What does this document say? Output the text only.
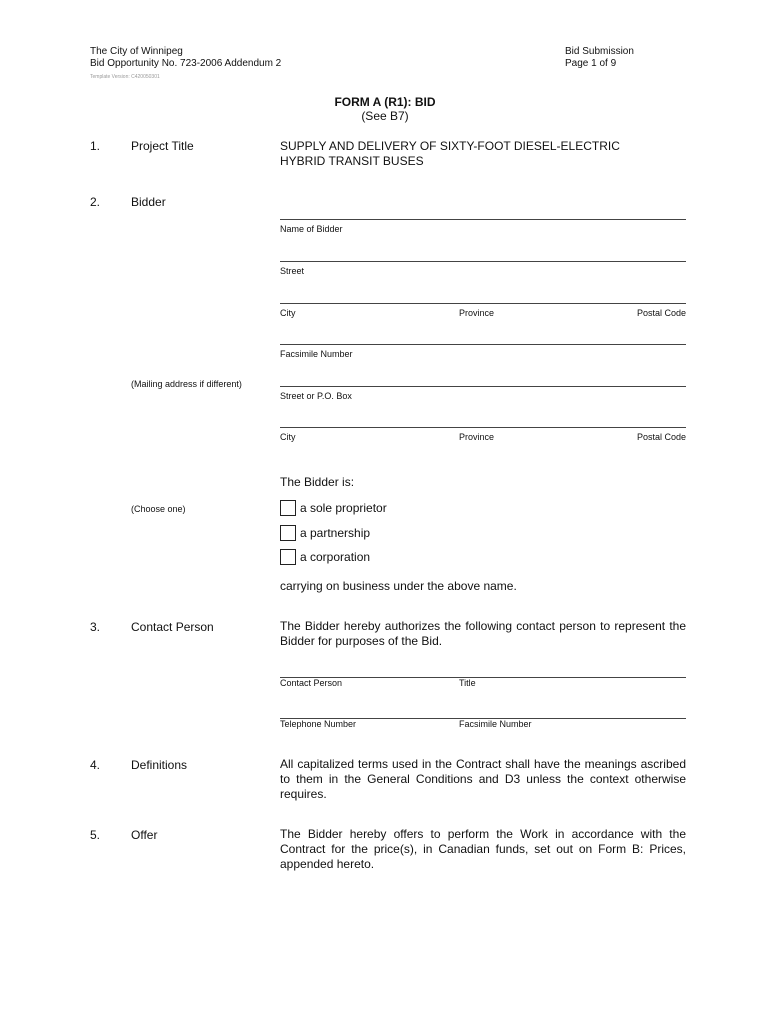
The City of Winnipeg
Bid Opportunity No. 723-2006 Addendum 2
Template Version: C420050301
Bid Submission
Page 1 of 9
FORM A (R1): BID
(See B7)
1.	Project Title	SUPPLY AND DELIVERY OF SIXTY-FOOT DIESEL-ELECTRIC
HYBRID TRANSIT BUSES
2.	Bidder
Name of Bidder
Street
City	Province	Postal Code
Facsimile Number
(Mailing address if different)
Street or P.O. Box
City	Province	Postal Code
The Bidder is:
(Choose one)	a sole proprietor
a partnership
a corporation
carrying on business under the above name.
3.	Contact Person	The Bidder hereby authorizes the following contact person to represent the Bidder for purposes of the Bid.
Contact Person	Title
Telephone Number	Facsimile Number
4.	Definitions	All capitalized terms used in the Contract shall have the meanings ascribed to them in the General Conditions and D3 unless the context otherwise requires.
5.	Offer	The Bidder hereby offers to perform the Work in accordance with the Contract for the price(s), in Canadian funds, set out on Form B: Prices, appended hereto.
